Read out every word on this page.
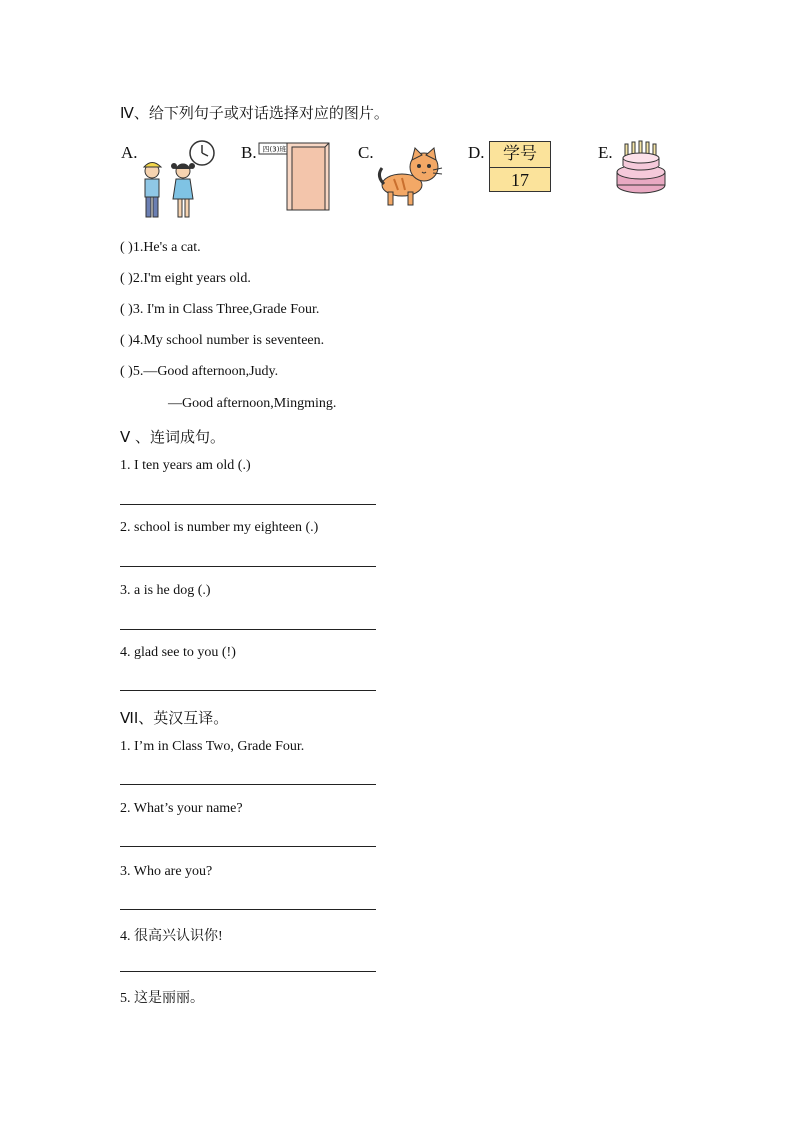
Ⅳ、给下列句子或对话选择对应的图片。
A.	B.	C.	D.	E.
四(3)班	学号
17
( )1.He's a cat.
( )2.I'm eight years old.
( )3. I'm in Class Three,Grade Four.
( )4.My school number is seventeen.
( )5.—Good afternoon,Judy.
—Good afternoon,Mingming.
Ⅴ 、连词成句。
1. I ten years am old (.)
2. school is number my eighteen (.)
3. a is he dog (.)
4. glad see to you (!)
ⅥI、英汉互译。
1. I’m in Class Two, Grade Four.
2. What’s your name?
3. Who are you?
4. 很高兴认识你!
5. 这是丽丽。
